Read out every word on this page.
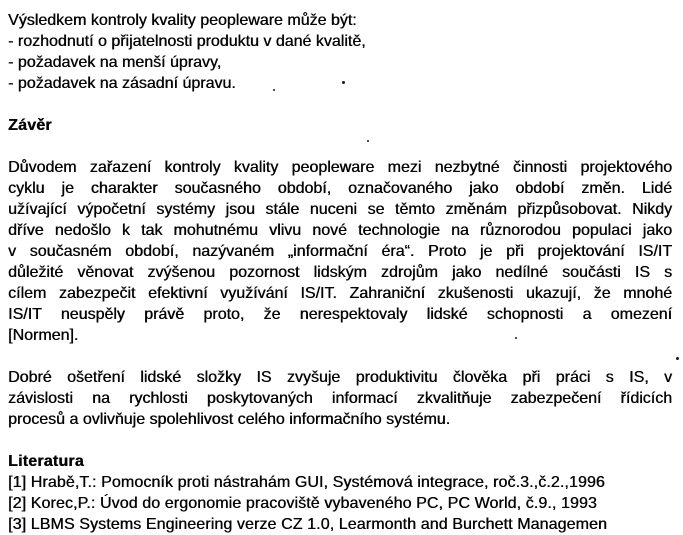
Výsledkem kontroly kvality peopleware může být:
- rozhodnutí o přijatelnosti produktu v dané kvalitě,
- požadavek na menší úpravy,
- požadavek na zásadní úpravu.
Závěr
Důvodem zařazení kontroly kvality peopleware mezi nezbytné činnosti projektového
cyklu je charakter současného období, označovaného jako období změn. Lidé
užívající výpočetní systémy jsou stále nuceni se těmto změnám přizpůsobovat. Nikdy
dříve nedošlo k tak mohutnému vlivu nové technologie na různorodou populaci jako
v současném období, nazývaném „informační éra“. Proto je při projektování IS/IT
důležité věnovat zvýšenou pozornost lidským zdrojům jako nedílné součásti IS s
cílem zabezpečit efektivní využívání IS/IT. Zahraniční zkušenosti ukazují, že mnohé
IS/IT neuspěly právě proto, že nerespektovaly lidské schopnosti a omezení
[Normen].
Dobré ošetření lidské složky IS zvyšuje produktivitu člověka při práci s IS, v
závislosti na rychlosti poskytovaných informací zkvalitňuje zabezpečení řídicích
procesů a ovlivňuje spolehlivost celého informačního systému.
Literatura
[1] Hrabě,T.: Pomocník proti nástrahám GUI, Systémová integrace, roč.3.,č.2.,1996
[2] Korec,P.: Úvod do ergonomie pracoviště vybaveného PC, PC World, č.9., 1993
[3] LBMS Systems Engineering verze CZ 1.0, Learmonth and Burchett Managemen
